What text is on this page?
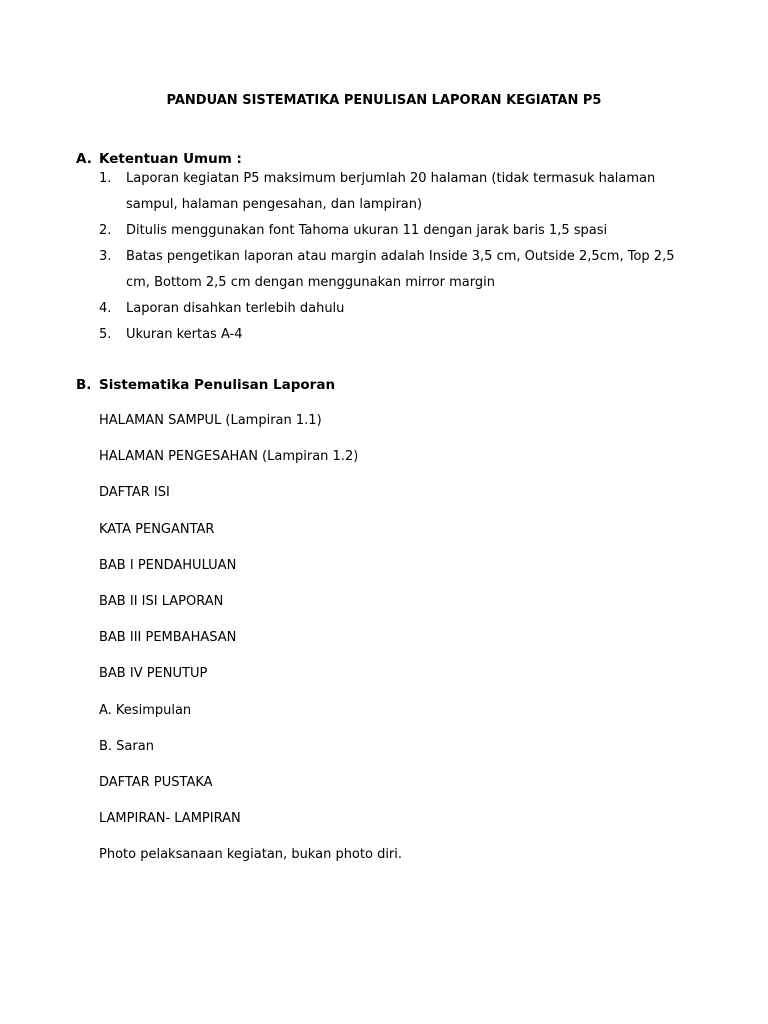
PANDUAN SISTEMATIKA PENULISAN LAPORAN KEGIATAN P5
A. Ketentuan Umum :
1. Laporan kegiatan P5 maksimum berjumlah 20 halaman (tidak termasuk halaman sampul, halaman pengesahan, dan lampiran)
2. Ditulis menggunakan font Tahoma ukuran 11 dengan jarak baris 1,5 spasi
3. Batas pengetikan laporan atau margin adalah Inside 3,5 cm, Outside 2,5cm, Top 2,5 cm, Bottom 2,5 cm dengan menggunakan mirror margin
4. Laporan disahkan terlebih dahulu
5. Ukuran kertas A-4
B. Sistematika Penulisan Laporan
HALAMAN SAMPUL (Lampiran 1.1)
HALAMAN PENGESAHAN (Lampiran 1.2)
DAFTAR ISI
KATA PENGANTAR
BAB I PENDAHULUAN
BAB II ISI LAPORAN
BAB III PEMBAHASAN
BAB IV PENUTUP
A. Kesimpulan
B. Saran
DAFTAR PUSTAKA
LAMPIRAN- LAMPIRAN
Photo pelaksanaan kegiatan, bukan photo diri.
